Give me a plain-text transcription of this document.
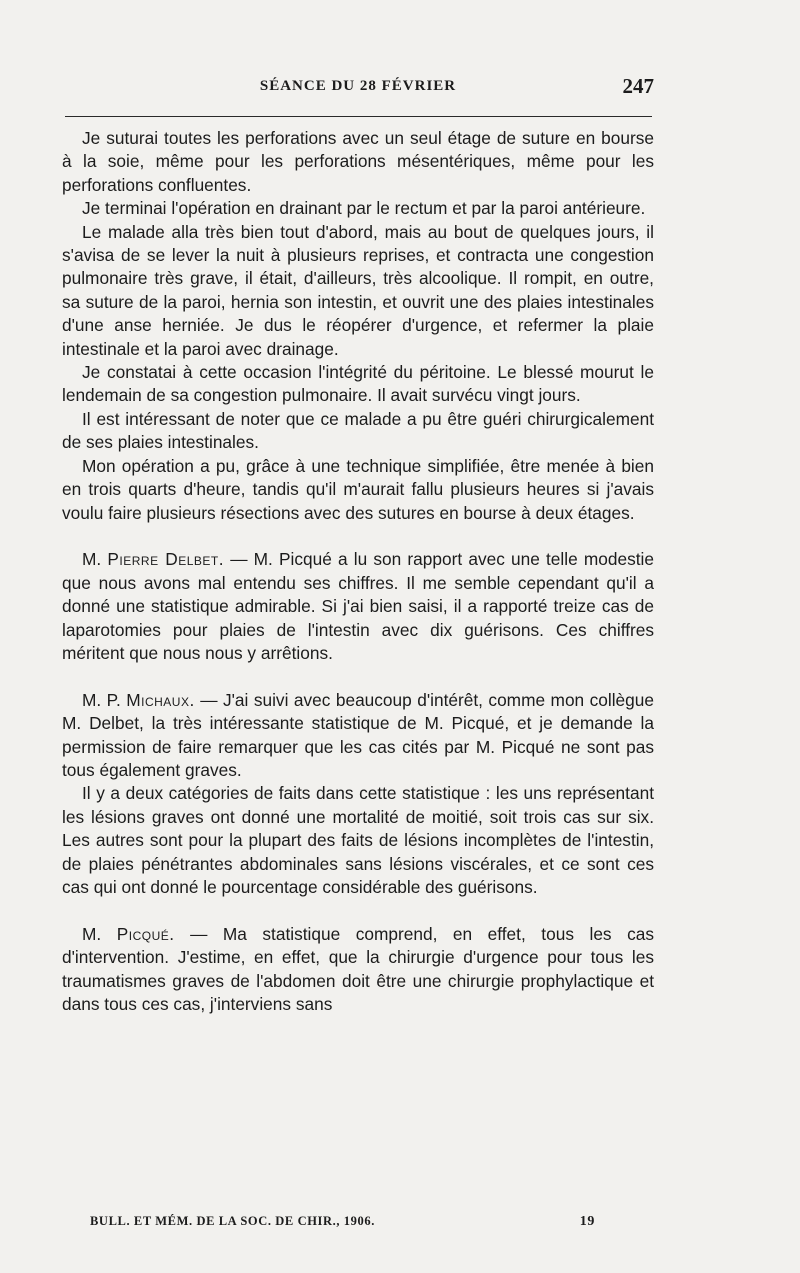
SÉANCE DU 28 FÉVRIER	247

Je suturai toutes les perforations avec un seul étage de suture en bourse à la soie, même pour les perforations mésentériques, même pour les perforations confluentes.

Je terminai l'opération en drainant par le rectum et par la paroi antérieure.

Le malade alla très bien tout d'abord, mais au bout de quelques jours, il s'avisa de se lever la nuit à plusieurs reprises, et contracta une congestion pulmonaire très grave, il était, d'ailleurs, très alcoolique. Il rompit, en outre, sa suture de la paroi, hernia son intestin, et ouvrit une des plaies intestinales d'une anse herniée. Je dus le réopérer d'urgence, et refermer la plaie intestinale et la paroi avec drainage.

Je constatai à cette occasion l'intégrité du péritoine. Le blessé mourut le lendemain de sa congestion pulmonaire. Il avait survécu vingt jours.

Il est intéressant de noter que ce malade a pu être guéri chirurgicalement de ses plaies intestinales.

Mon opération a pu, grâce à une technique simplifiée, être menée à bien en trois quarts d'heure, tandis qu'il m'aurait fallu plusieurs heures si j'avais voulu faire plusieurs résections avec des sutures en bourse à deux étages.

M. Pierre Delbet. — M. Picqué a lu son rapport avec une telle modestie que nous avons mal entendu ses chiffres. Il me semble cependant qu'il a donné une statistique admirable. Si j'ai bien saisi, il a rapporté treize cas de laparotomies pour plaies de l'intestin avec dix guérisons. Ces chiffres méritent que nous nous y arrêtions.

M. P. Michaux. — J'ai suivi avec beaucoup d'intérêt, comme mon collègue M. Delbet, la très intéressante statistique de M. Picqué, et je demande la permission de faire remarquer que les cas cités par M. Picqué ne sont pas tous également graves.

Il y a deux catégories de faits dans cette statistique : les uns représentant les lésions graves ont donné une mortalité de moitié, soit trois cas sur six. Les autres sont pour la plupart des faits de lésions incomplètes de l'intestin, de plaies pénétrantes abdominales sans lésions viscérales, et ce sont ces cas qui ont donné le pourcentage considérable des guérisons.

M. Picqué. — Ma statistique comprend, en effet, tous les cas d'intervention. J'estime, en effet, que la chirurgie d'urgence pour tous les traumatismes graves de l'abdomen doit être une chirurgie prophylactique et dans tous ces cas, j'interviens sans

BULL. ET MÉM. DE LA SOC. DE CHIR., 1906.	19
